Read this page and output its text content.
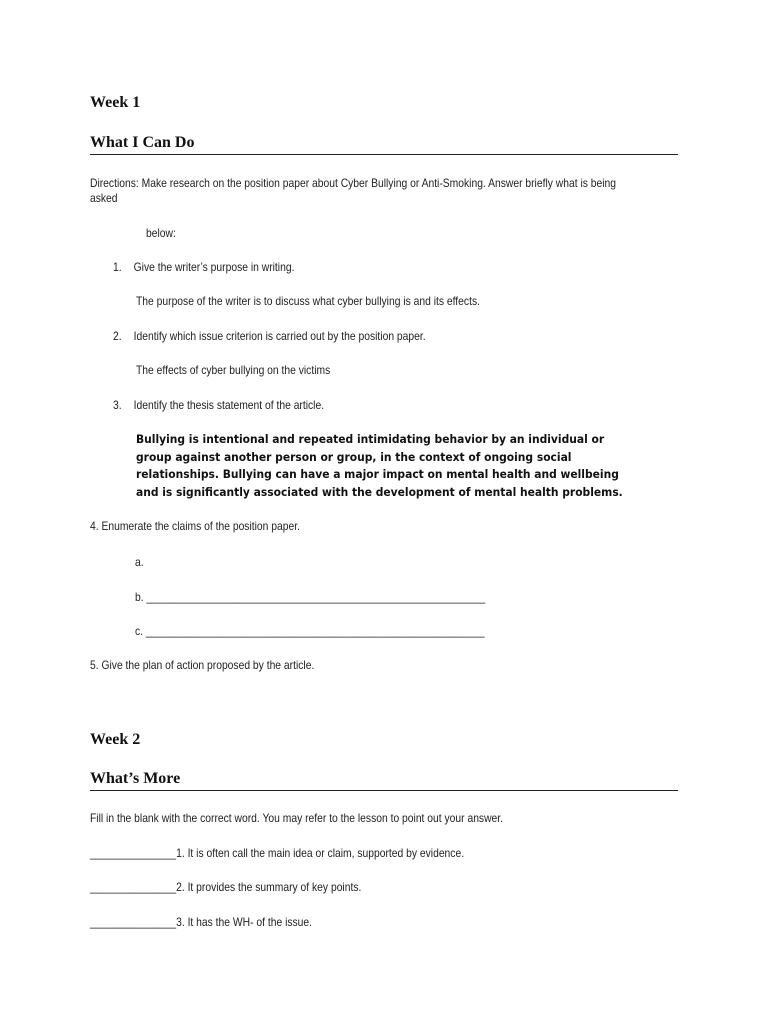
Week 1
What I Can Do
Directions: Make research on the position paper about Cyber Bullying or Anti-Smoking. Answer briefly what is being
asked
below:
1. Give the writer’s purpose in writing.
The purpose of the writer is to discuss what cyber bullying is and its effects.
2. Identify which issue criterion is carried out by the position paper.
The effects of cyber bullying on the victims
3. Identify the thesis statement of the article.
Bullying is intentional and repeated intimidating behavior by an individual or group against another person or group, in the context of ongoing social relationships. Bullying can have a major impact on mental health and wellbeing and is significantly associated with the development of mental health problems.
4. Enumerate the claims of the position paper.
a.
b. ___________________________________________________________
c. ___________________________________________________________
5. Give the plan of action proposed by the article.
Week 2
What’s More
Fill in the blank with the correct word. You may refer to the lesson to point out your answer.
_______________1. It is often call the main idea or claim, supported by evidence.
_______________2. It provides the summary of key points.
_______________3. It has the WH- of the issue.
